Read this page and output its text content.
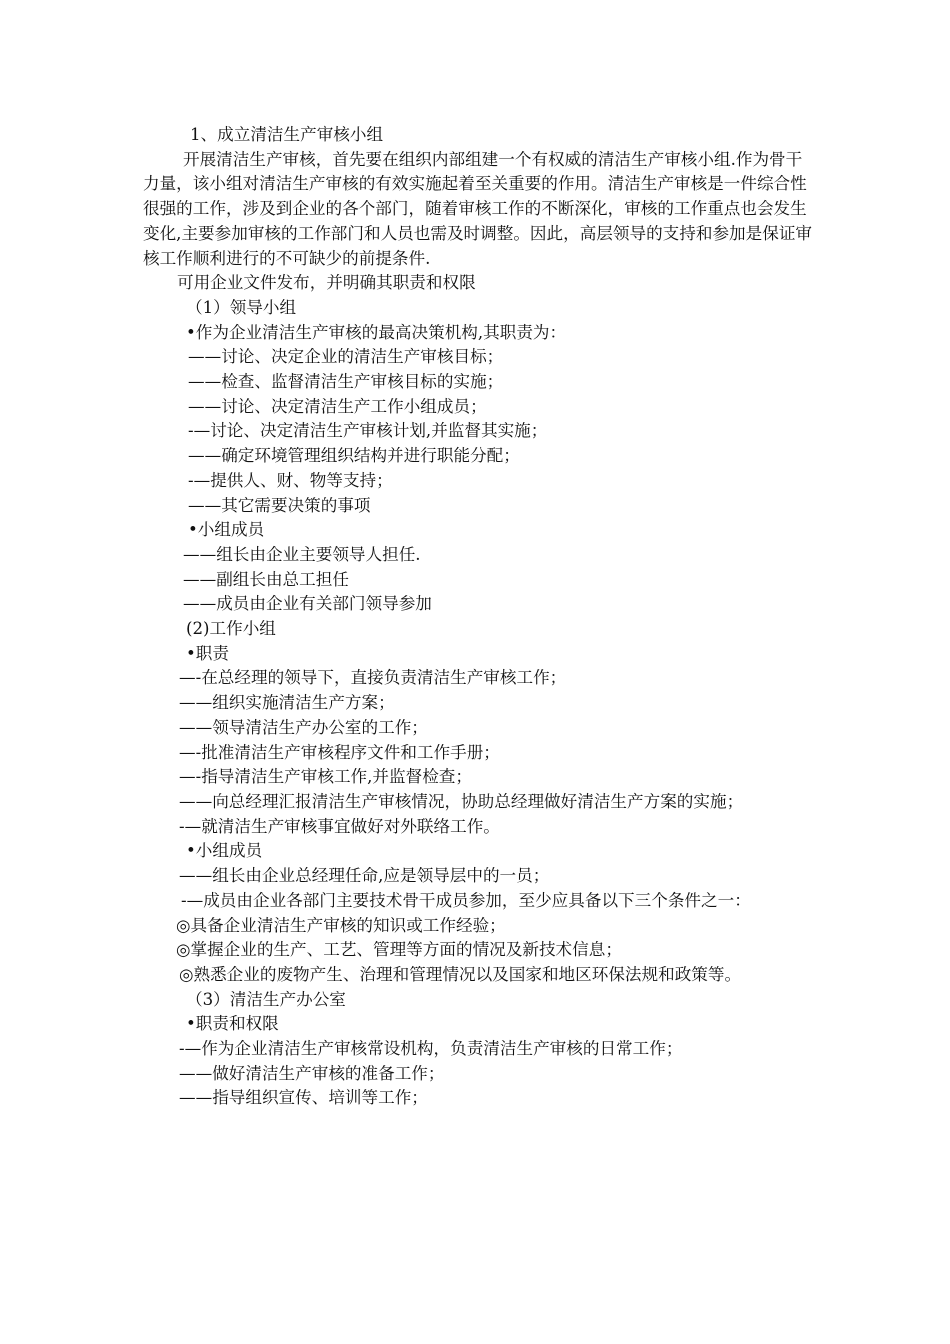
1、成立清洁生产审核小组
开展清洁生产审核，首先要在组织内部组建一个有权威的清洁生产审核小组.作为骨干力量，该小组对清洁生产审核的有效实施起着至关重要的作用。清洁生产审核是一件综合性很强的工作，涉及到企业的各个部门，随着审核工作的不断深化，审核的工作重点也会发生变化,主要参加审核的工作部门和人员也需及时调整。因此，高层领导的支持和参加是保证审核工作顺利进行的不可缺少的前提条件.
可用企业文件发布，并明确其职责和权限
（1）领导小组
•作为企业清洁生产审核的最高决策机构,其职责为：
——讨论、决定企业的清洁生产审核目标；
——检查、监督清洁生产审核目标的实施；
——讨论、决定清洁生产工作小组成员；
-—讨论、决定清洁生产审核计划,并监督其实施；
——确定环境管理组织结构并进行职能分配；
-—提供人、财、物等支持；
——其它需要决策的事项
•小组成员
——组长由企业主要领导人担任.
——副组长由总工担任
——成员由企业有关部门领导参加
(2)工作小组
•职责
—-在总经理的领导下，直接负责清洁生产审核工作；
——组织实施清洁生产方案；
——领导清洁生产办公室的工作；
—-批准清洁生产审核程序文件和工作手册；
—-指导清洁生产审核工作,并监督检查；
——向总经理汇报清洁生产审核情况，协助总经理做好清洁生产方案的实施；
-—就清洁生产审核事宜做好对外联络工作。
•小组成员
——组长由企业总经理任命,应是领导层中的一员；
-—成员由企业各部门主要技术骨干成员参加，至少应具备以下三个条件之一：
◎具备企业清洁生产审核的知识或工作经验；
◎掌握企业的生产、工艺、管理等方面的情况及新技术信息；
◎熟悉企业的废物产生、治理和管理情况以及国家和地区环保法规和政策等。
（3）清洁生产办公室
•职责和权限
-—作为企业清洁生产审核常设机构，负责清洁生产审核的日常工作；
——做好清洁生产审核的准备工作；
——指导组织宣传、培训等工作；
